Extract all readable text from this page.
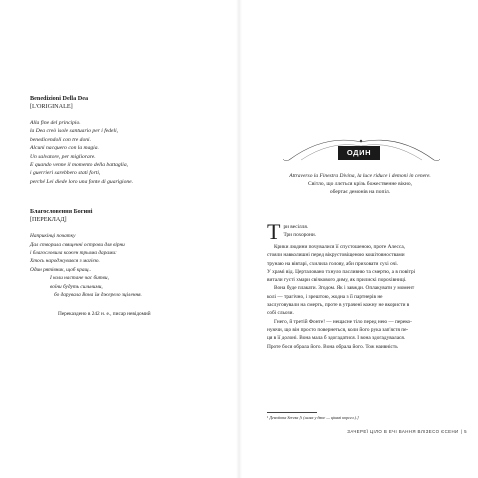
Benedizioni Della Dea

[L'ORIGINALE]

Alla fine del principio.
la Dea creò isole santuario per i fedeli,
benedicendoli con tre doni.
Alcuni nacquero con la magia.
Un salvatore, per migliorare.
E quando venne il momento della battaglia,
i guerrieri sarebbero stati forti,
perché Lei diede loro una fonte di guarigione.

Благословення Богині

[ПЕРЕКЛАД]

Наприкінці початку
Дал створила священні острови для вірни
і благословила кожен трьома дарами:
Хтось народжувався з магією.
Один рятівник, щоб кращ..
І коли настане час битви,
воїни будуть сильними,
бо дарувала Вона їм джерело зцілення.
Переказдено в 242 н. е., писар невідомий
ОДИН
Attraverso la Finestra Divina, la luce riduce i demoni in cenere.
Світло, що ллється крізь божественне вікно,
обертає демонів на попіл.
Т ри весілля.
Три похорони.

Крики людини почувалися її спустошеною, проте Алесса,
стояли навколишні перед вікрустовіщеною кошітовноствами
трунаю на вівтарі, схилила голову, аби приховати сухі очі.
У храмі від. Церталовано тхнуло пасливню та смертю, а в повітрі
витали густі хмари свічкового диму, як прилискі порохівниці.

Вона буде плакати. Згодом. Як і завжди. Оплакувати у момент
колі — трагічно, і зрештою, жодна з її партнерів не
заслуговували на смерть, проте в утрачені кожну не вкористи в
собі сльози.

Гнего, й третій Фонте! — нещасне тіло перед нею — переко-
нуючи, що він просто повернеться, коли його рука зап'ястя пе-
ця в її долоні. Вона мала б здогадатися. І вона здогадувалася.
Проте бося обрала його. Вона обрала його. Тож наивність

¹ Девоtiona Sereza [i (шлях у двоє — цікаві корсел.).]
ЗАЧЕРЕЇ ЦІЛО В ЕЧІ ВАННЯ ВЛІЗЕСО ЄСЕНИ | 5
